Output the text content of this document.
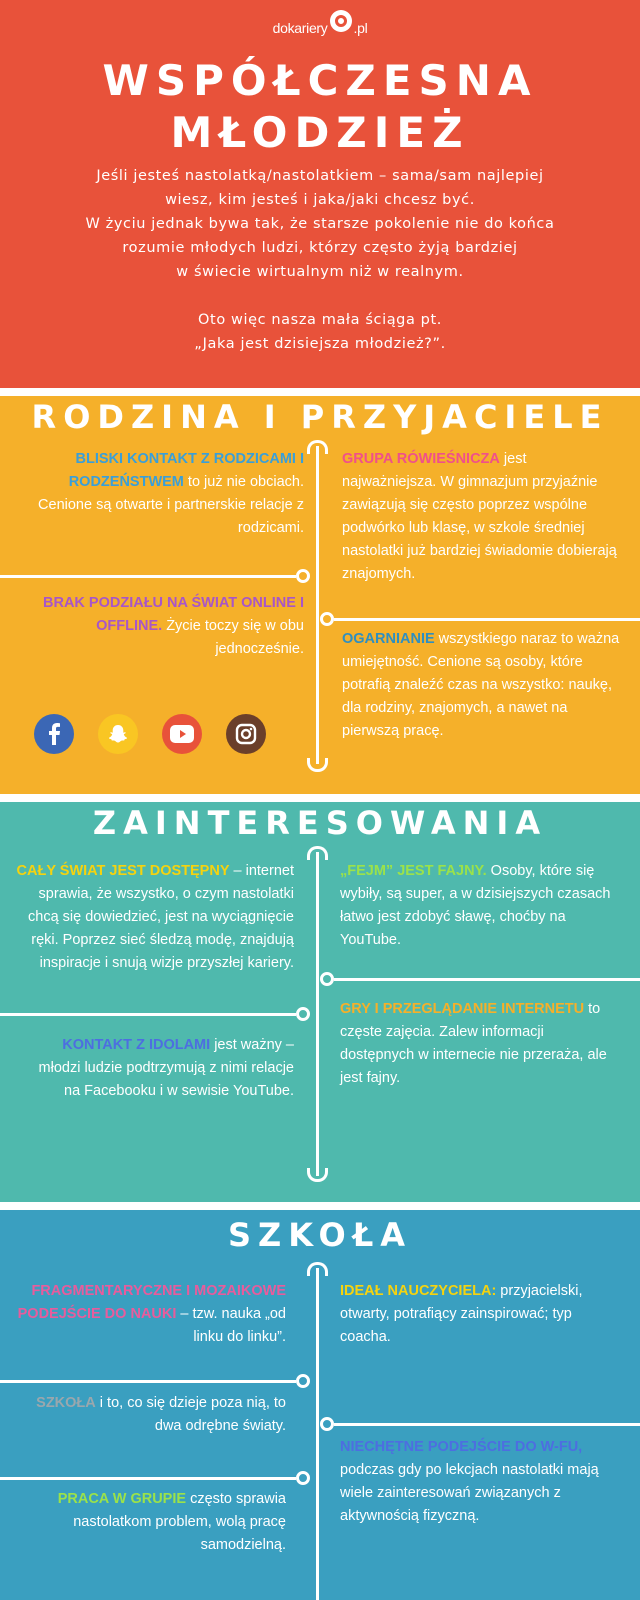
dokariery .pl
WSPÓŁCZESNA
MŁODZIEŻ

Jeśli jesteś nastolatką/nastolatkiem – sama/sam najlepiej
wiesz, kim jesteś i jaka/jaki chcesz być.
W życiu jednak bywa tak, że starsze pokolenie nie do końca
rozumie młodych ludzi, którzy często żyją bardziej
w świecie wirtualnym niż w realnym.

Oto więc nasza mała ściąga pt.
„Jaka jest dzisiejsza młodzież?”.

RODZINA I PRZYJACIELE
BLISKI KONTAKT Z RODZICAMI I RODZEŃSTWEM to już nie obciach. Cenione są otwarte i partnerskie relacje z rodzicami.
GRUPA RÓWIEŚNICZA jest najważniejsza. W gimnazjum przyjaźnie zawiązują się często poprzez wspólne podwórko lub klasę, w szkole średniej nastolatki już bardziej świadomie dobierają znajomych.
BRAK PODZIAŁU NA ŚWIAT ONLINE I OFFLINE. Życie toczy się w obu jednocześnie.
OGARNIANIE wszystkiego naraz to ważna umiejętność. Cenione są osoby, które potrafią znaleźć czas na wszystko: naukę, dla rodziny, znajomych, a nawet na pierwszą pracę.
ZAINTERESOWANIA
CAŁY ŚWIAT JEST DOSTĘPNY – internet sprawia, że wszystko, o czym nastolatki chcą się dowiedzieć, jest na wyciągnięcie ręki. Poprzez sieć śledzą modę, znajdują inspiracje i snują wizje przyszłej kariery.
„FEJM” JEST FAJNY. Osoby, które się wybiły, są super, a w dzisiejszych czasach łatwo jest zdobyć sławę, choćby na YouTube.
KONTAKT Z IDOLAMI jest ważny – młodzi ludzie podtrzymują z nimi relacje na Facebooku i w sewisie YouTube.
GRY I PRZEGLĄDANIE INTERNETU to częste zajęcia. Zalew informacji dostępnych w internecie nie przeraża, ale jest fajny.
SZKOŁA
FRAGMENTARYCZNE I MOZAIKOWE PODEJŚCIE DO NAUKI – tzw. nauka „od linku do linku”.
IDEAŁ NAUCZYCIELA: przyjacielski, otwarty, potrafiący zainspirować; typ coacha.
SZKOŁA i to, co się dzieje poza nią, to dwa odrębne światy.
NIECHĘTNE PODEJŚCIE DO W-FU, podczas gdy po lekcjach nastolatki mają wiele zainteresowań związanych z aktywnością fizyczną.
PRACA W GRUPIE często sprawia nastolatkom problem, wolą pracę samodzielną.
